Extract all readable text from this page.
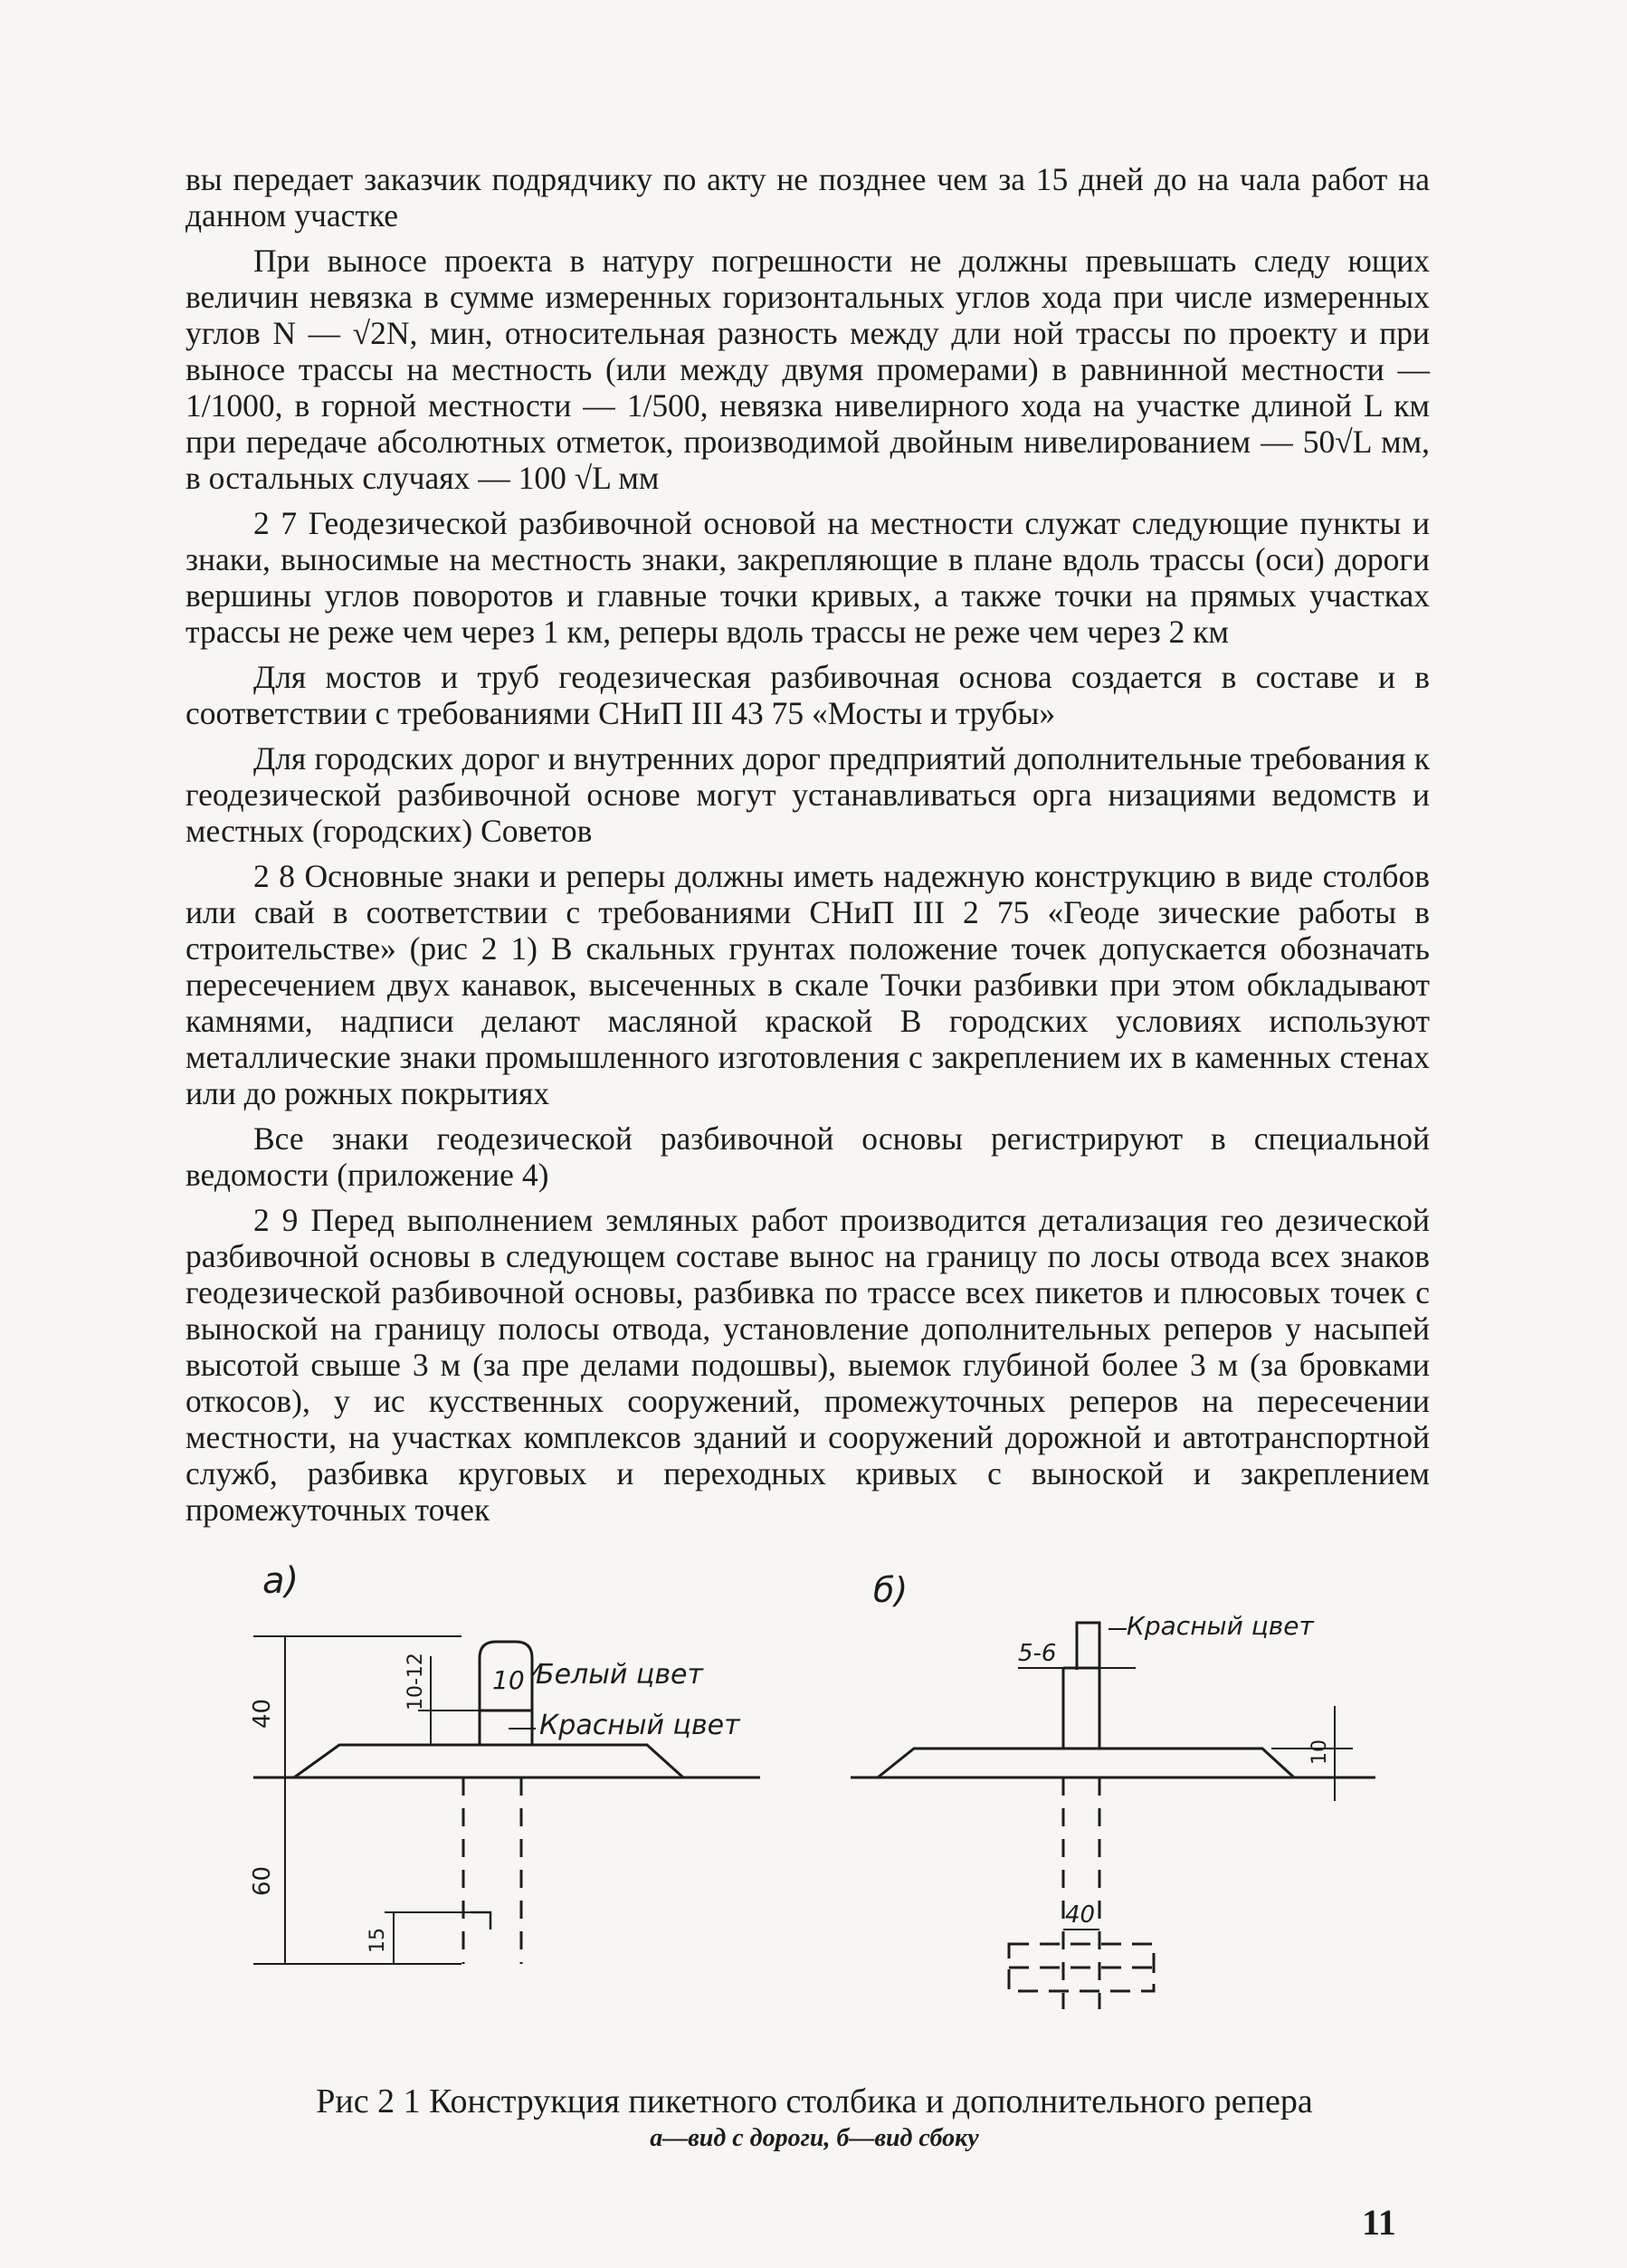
вы передает заказчик подрядчику по акту не позднее чем за 15 дней до на чала работ на данном участке

При выносе проекта в натуру погрешности не должны превышать следу ющих величин невязка в сумме измеренных горизонтальных углов хода при числе измеренных углов N — √2N, мин, относительная разность между дли ной трассы по проекту и при выносе трассы на местность (или между двумя промерами) в равнинной местности — 1/1000, в горной местности — 1/500, невязка нивелирного хода на участке длиной L км при передаче абсолютных отметок, производимой двойным нивелированием — 50√L мм, в остальных случаях — 100 √L мм

2 7 Геодезической разбивочной основой на местности служат следующие пункты и знаки, выносимые на местность знаки, закрепляющие в плане вдоль трассы (оси) дороги вершины углов поворотов и главные точки кривых, а также точки на прямых участках трассы не реже чем через 1 км, реперы вдоль трассы не реже чем через 2 км

Для мостов и труб геодезическая разбивочная основа создается в составе и в соответствии с требованиями СНиП III 43 75 «Мосты и трубы»

Для городских дорог и внутренних дорог предприятий дополнительные требования к геодезической разбивочной основе могут устанавливаться орга низациями ведомств и местных (городских) Советов

2 8 Основные знаки и реперы должны иметь надежную конструкцию в виде столбов или свай в соответствии с требованиями СНиП III 2 75 «Геоде зические работы в строительстве» (рис 2 1) В скальных грунтах положение точек допускается обозначать пересечением двух канавок, высеченных в скале Точки разбивки при этом обкладывают камнями, надписи делают масляной краской В городских условиях используют металлические знаки промышленного изготовления с закреплением их в каменных стенах или до рожных покрытиях

Все знаки геодезической разбивочной основы регистрируют в специальной ведомости (приложение 4)

2 9 Перед выполнением земляных работ производится детализация гео дезической разбивочной основы в следующем составе вынос на границу по лосы отвода всех знаков геодезической разбивочной основы, разбивка по трассе всех пикетов и плюсовых точек с выноской на границу полосы отвода, установление дополнительных реперов у насыпей высотой свыше 3 м (за пре делами подошвы), выемок глубиной более 3 м (за бровками откосов), у ис кусственных сооружений, промежуточных реперов на пересечении местности, на участках комплексов зданий и сооружений дорожной и автотранспортной служб, разбивка круговых и переходных кривых с выноской и закреплением промежуточных точек

а)	б)
40
60
10-12
15
10 Белый цвет
Красный цвет
Красный цвет
5-6
10
40
Рис 2 1 Конструкция пикетного столбика и дополнительного репера
а—вид с дороги, б—вид сбоку
11
